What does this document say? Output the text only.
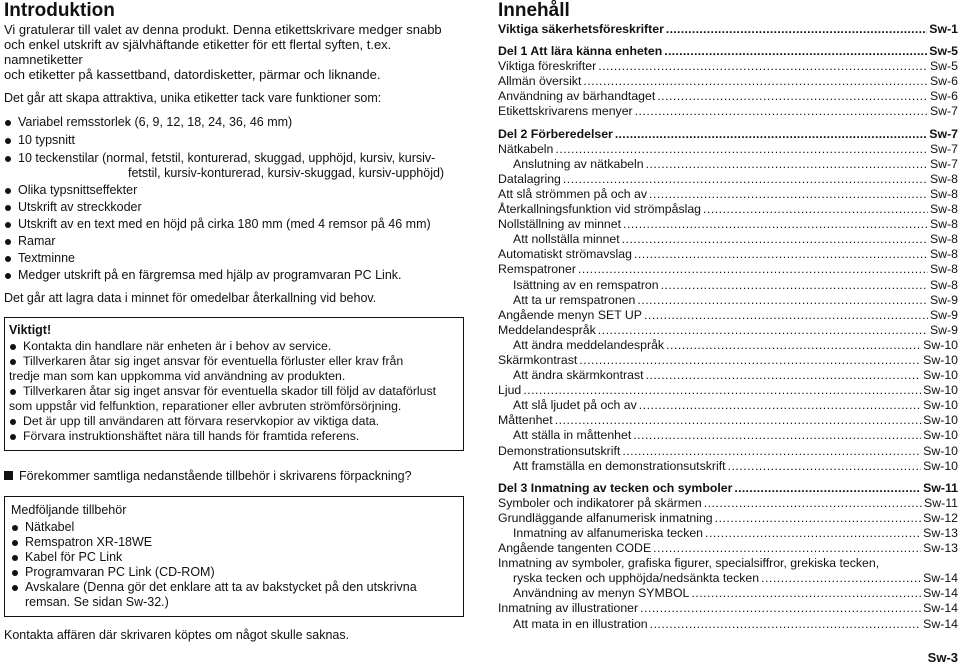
Introduktion
Vi gratulerar till valet av denna produkt. Denna etikettskrivare medger snabb
och enkel utskrift av självhäftande etiketter för ett flertal syften, t.ex. namnetiketter
och etiketter på kassettband, datordisketter, pärmar och liknande.
Det går att skapa attraktiva, unika etiketter tack vare funktioner som:
Variabel remsstorlek (6, 9, 12, 18, 24, 36, 46 mm)
10 typsnitt
10 teckenstilar (normal, fetstil, konturerad, skuggad, upphöjd, kursiv, kursiv-
fetstil, kursiv-konturerad, kursiv-skuggad, kursiv-upphöjd)
Olika typsnittseffekter
Utskrift av streckkoder
Utskrift av en text med en höjd på cirka 180 mm (med 4 remsor på 46 mm)
Ramar
Textminne
Medger utskrift på en färgremsa med hjälp av programvaran PC Link.
Det går att lagra data i minnet för omedelbar återkallning vid behov.
Viktigt!
Kontakta din handlare när enheten är i behov av service.
Tillverkaren åtar sig inget ansvar för eventuella förluster eller krav från
tredje man som kan uppkomma vid användning av produkten.
Tillverkaren åtar sig inget ansvar för eventuella skador till följd av dataförlust
som uppstår vid felfunktion, reparationer eller avbruten strömförsörjning.
Det är upp till användaren att förvara reservkopior av viktiga data.
Förvara instruktionshäftet nära till hands för framtida referens.
Förekommer samtliga nedanstående tillbehör i skrivarens förpackning?
Medföljande tillbehör
Nätkabel
Remspatron XR-18WE
Kabel för PC Link
Programvaran PC Link (CD-ROM)
Avskalare (Denna gör det enklare att ta av bakstycket på den utskrivna
remsan. Se sidan Sw-32.)
Kontakta affären där skrivaren köptes om något skulle saknas.
Innehåll
Viktiga säkerhetsföreskrifter .....	Sw-1
Del 1 Att lära känna enheten .....	Sw-5
Viktiga föreskrifter .....	Sw-5
Allmän översikt .....	Sw-6
Användning av bärhandtaget .....	Sw-6
Etikettskrivarens menyer .....	Sw-7
Del 2 Förberedelser .....	Sw-7
Nätkabeln .....	Sw-7
Anslutning av nätkabeln .....	Sw-7
Datalagring .....	Sw-8
Att slå strömmen på och av .....	Sw-8
Återkallningsfunktion vid strömpåslag .....	Sw-8
Nollställning av minnet .....	Sw-8
Att nollställa minnet .....	Sw-8
Automatiskt strömavslag .....	Sw-8
Remspatroner .....	Sw-8
Isättning av en remspatron .....	Sw-8
Att ta ur remspatronen .....	Sw-9
Angående menyn SET UP .....	Sw-9
Meddelandespråk .....	Sw-9
Att ändra meddelandespråk .....	Sw-10
Skärmkontrast .....	Sw-10
Att ändra skärmkontrast .....	Sw-10
Ljud .....	Sw-10
Att slå ljudet på och av .....	Sw-10
Måttenhet .....	Sw-10
Att ställa in måttenhet .....	Sw-10
Demonstrationsutskrift .....	Sw-10
Att framställa en demonstrationsutskrift .....	Sw-10
Del 3 Inmatning av tecken och symboler .....	Sw-11
Symboler och indikatorer på skärmen .....	Sw-11
Grundläggande alfanumerisk inmatning .....	Sw-12
Inmatning av alfanumeriska tecken .....	Sw-13
Angående tangenten CODE .....	Sw-13
Inmatning av symboler, grafiska figurer, specialsiffror, grekiska tecken,
ryska tecken och upphöjda/nedsänkta tecken .....	Sw-14
Användning av menyn SYMBOL .....	Sw-14
Inmatning av illustrationer .....	Sw-14
Att mata in en illustration .....	Sw-14
Sw-3
